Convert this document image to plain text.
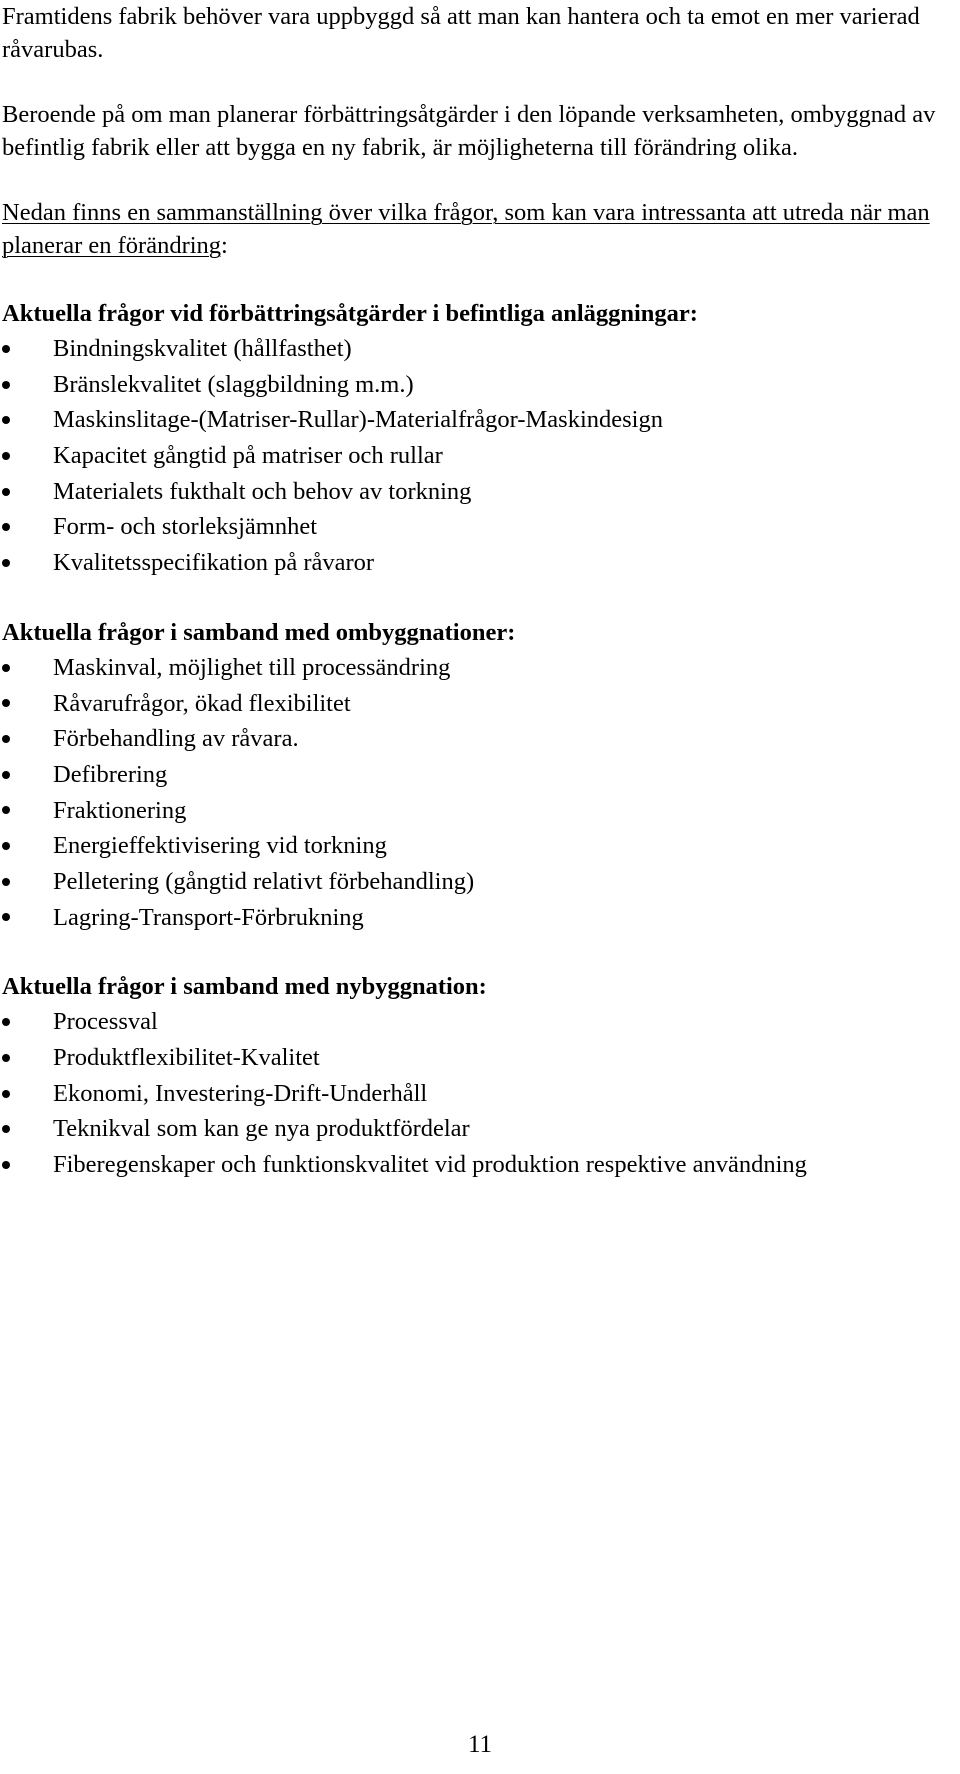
Framtidens fabrik behöver vara uppbyggd så att man kan hantera och ta emot en mer varierad råvarubas.

Beroende på om man planerar förbättringsåtgärder i den löpande verksamheten, ombyggnad av befintlig fabrik eller att bygga en ny fabrik, är möjligheterna till förändring olika.

Nedan finns en sammanställning över vilka frågor, som kan vara intressanta att utreda när man planerar en förändring:

Aktuella frågor vid förbättringsåtgärder i befintliga anläggningar:

Bindningskvalitet (hållfasthet)
Bränslekvalitet (slaggbildning m.m.)
Maskinslitage-(Matriser-Rullar)-Materialfrågor-Maskindesign
Kapacitet gångtid på matriser och rullar
Materialets fukthalt och behov av torkning
Form- och storleksjämnhet
Kvalitetsspecifikation på råvaror

Aktuella frågor i samband med ombyggnationer:

Maskinval, möjlighet till processändring
Råvarufrågor, ökad flexibilitet
Förbehandling av råvara.
Defibrering
Fraktionering
Energieffektivisering vid torkning
Pelletering (gångtid relativt förbehandling)
Lagring-Transport-Förbrukning

Aktuella frågor i samband med nybyggnation:

Processval
Produktflexibilitet-Kvalitet
Ekonomi, Investering-Drift-Underhåll
Teknikval som kan ge nya produktfördelar
Fiberegenskaper och funktionskvalitet vid produktion respektive användning
11
